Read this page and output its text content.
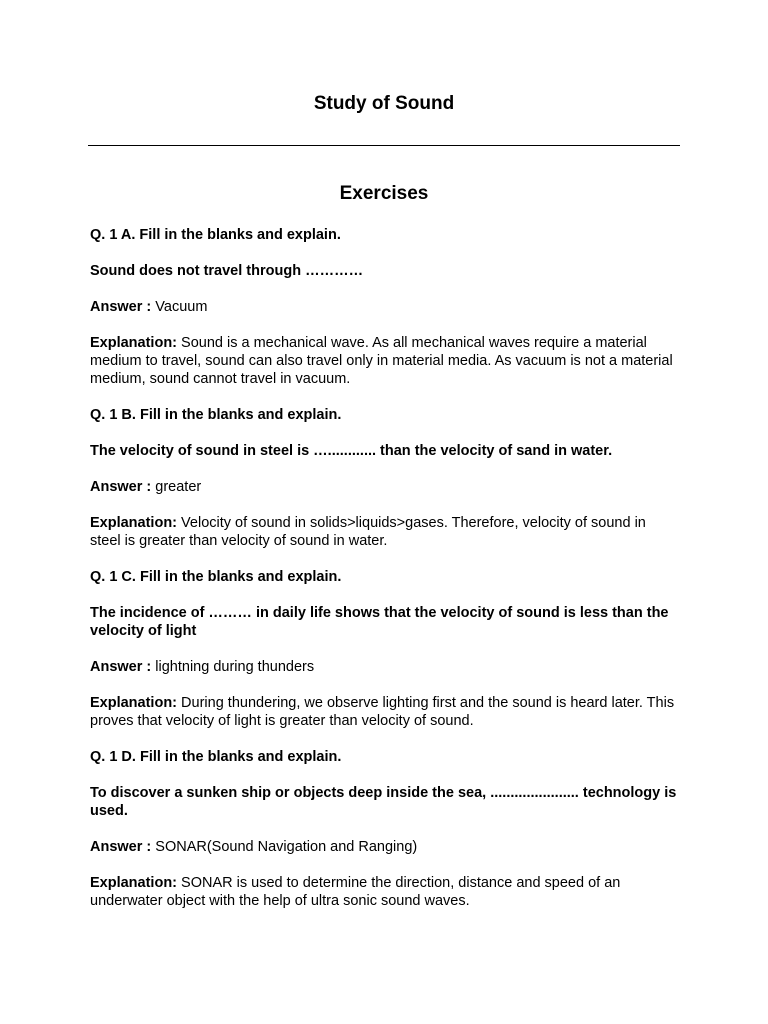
Study of Sound
Exercises
Q. 1 A. Fill in the blanks and explain.
Sound does not travel through …………
Answer : Vacuum
Explanation: Sound is a mechanical wave. As all mechanical waves require a material medium to travel, sound can also travel only in material media. As vacuum is not a material medium, sound cannot travel in vacuum.
Q. 1 B. Fill in the blanks and explain.
The velocity of sound in steel is …............ than the velocity of sand in water.
Answer : greater
Explanation: Velocity of sound in solids>liquids>gases. Therefore, velocity of sound in steel is greater than velocity of sound in water.
Q. 1 C. Fill in the blanks and explain.
The incidence of ……… in daily life shows that the velocity of sound is less than the velocity of light
Answer : lightning during thunders
Explanation: During thundering, we observe lighting first and the sound is heard later. This proves that velocity of light is greater than velocity of sound.
Q. 1 D. Fill in the blanks and explain.
To discover a sunken ship or objects deep inside the sea, ...................... technology is used.
Answer : SONAR(Sound Navigation and Ranging)
Explanation: SONAR is used to determine the direction, distance and speed of an underwater object with the help of ultra sonic sound waves.
